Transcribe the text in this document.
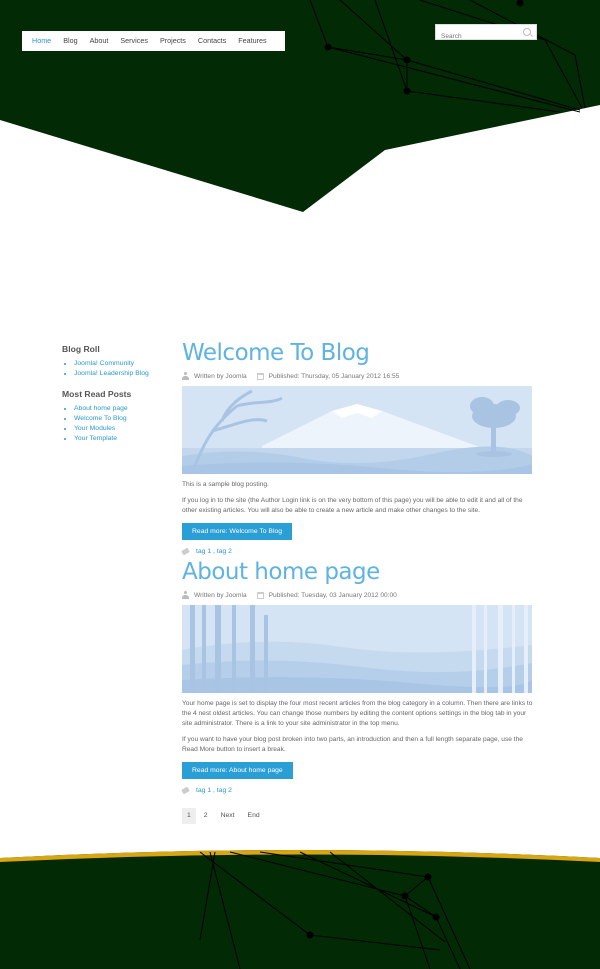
Home	Blog	About	Services	Projects	Contacts	Features
Search
Blog Roll
• Joomla! Community
• Joomla! Leadership Blog
Most Read Posts
• About home page
• Welcome To Blog
• Your Modules
• Your Template
Welcome To Blog
Written by Joomla	Published: Thursday, 05 January 2012 16:55

This is a sample blog posting.

If you log in to the site (the Author Login link is on the very bottom of this page) you will be able to edit it and all of the other existing articles. You will also be able to create a new article and make other changes to the site.

Read more: Welcome To Blog
tag 1 , tag 2
About home page
Written by Joomla	Published: Tuesday, 03 January 2012 00:00

Your home page is set to display the four most recent articles from the blog category in a column. Then there are links to the 4 nest oldest articles. You can change those numbers by editing the content options settings in the blog tab in your site administrator. There is a link to your site administrator in the top menu.

If you want to have your blog post broken into two parts, an introduction and then a full length separate page, use the Read More button to insert a break.

Read more: About home page
tag 1 , tag 2
1	2	Next	End
